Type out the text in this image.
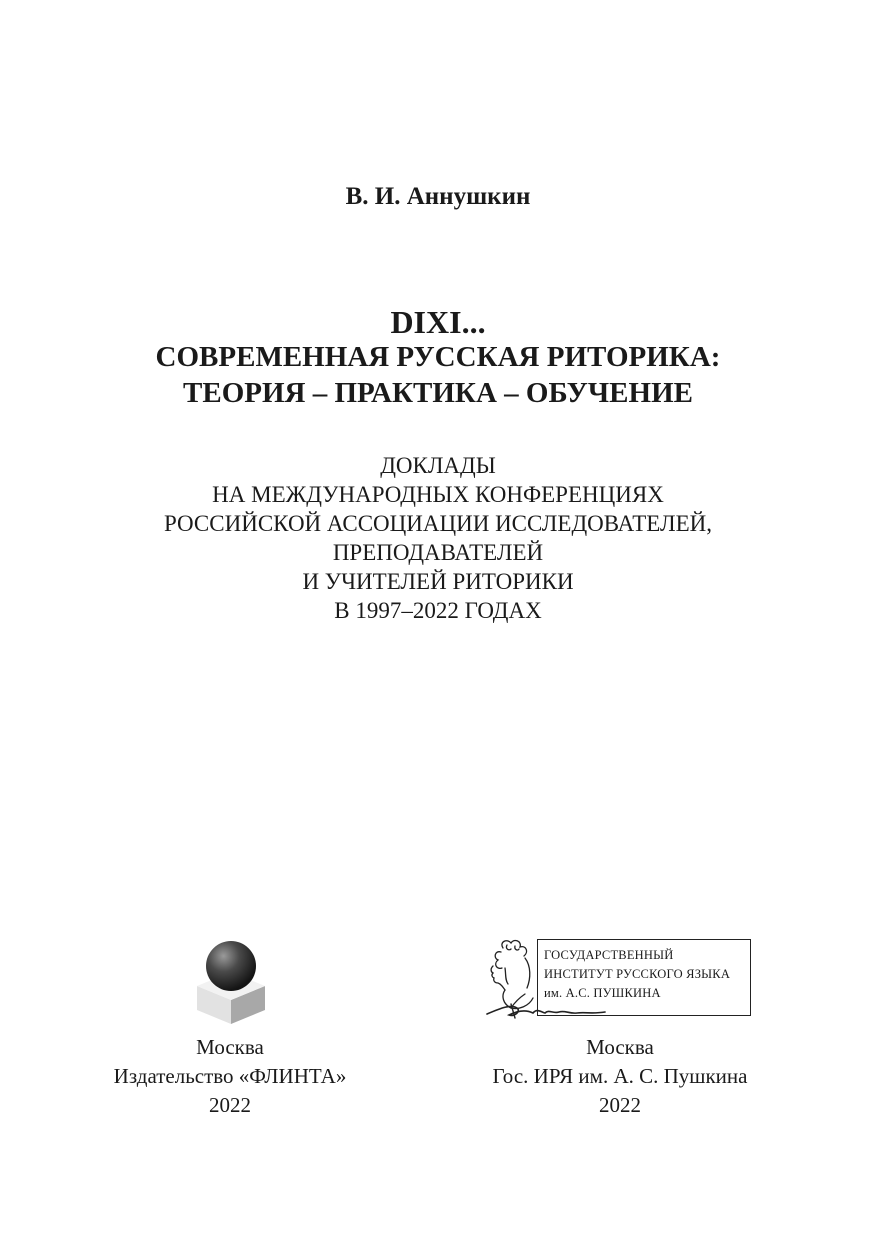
В. И. Аннушкин
DIXI...
СОВРЕМЕННАЯ РУССКАЯ РИТОРИКА:
ТЕОРИЯ – ПРАКТИКА – ОБУЧЕНИЕ
ДОКЛАДЫ
НА МЕЖДУНАРОДНЫХ КОНФЕРЕНЦИЯХ
РОССИЙСКОЙ АССОЦИАЦИИ ИССЛЕДОВАТЕЛЕЙ,
ПРЕПОДАВАТЕЛЕЙ
И УЧИТЕЛЕЙ РИТОРИКИ
В 1997–2022 ГОДАХ
ГОСУДАРСТВЕННЫЙ
ИНСТИТУТ РУССКОГО ЯЗЫКА
им. А.С. ПУШКИНА
Москва
Издательство «ФЛИНТА»
2022
Москва
Гос. ИРЯ им. А. С. Пушкина
2022
